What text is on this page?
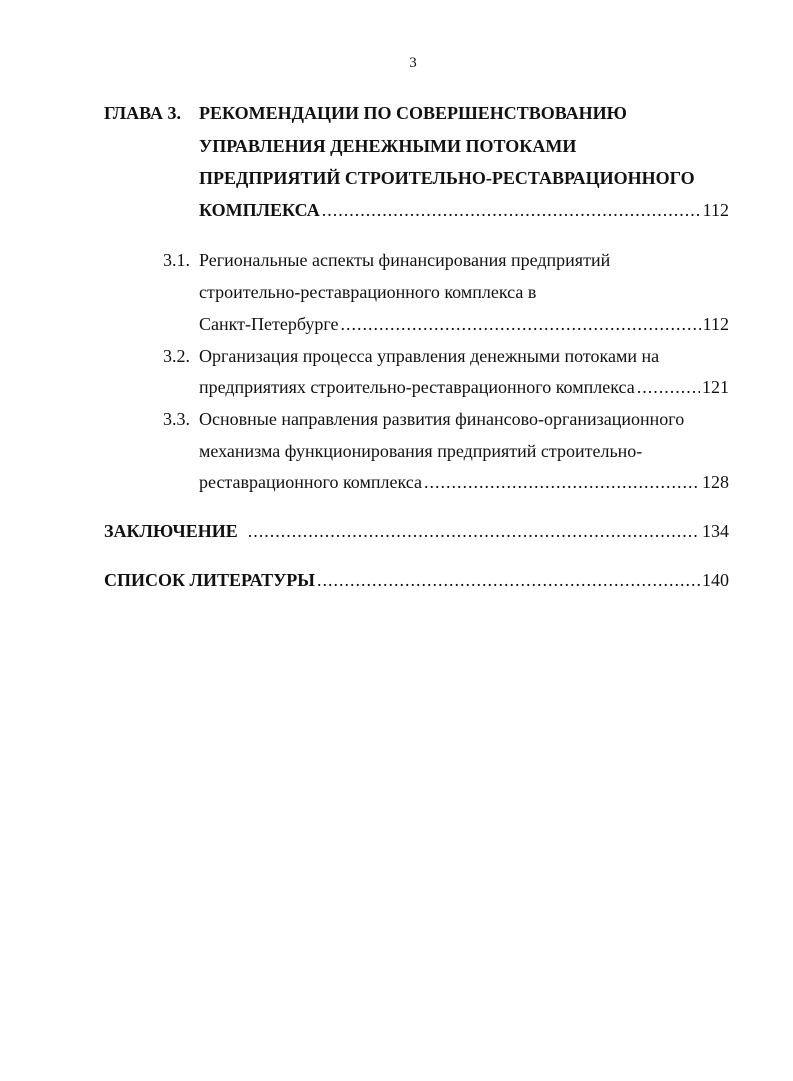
3
ГЛАВА 3. РЕКОМЕНДАЦИИ ПО СОВЕРШЕНСТВОВАНИЮ
УПРАВЛЕНИЯ ДЕНЕЖНЫМИ ПОТОКАМИ
ПРЕДПРИЯТИЙ СТРОИТЕЛЬНО-РЕСТАВРАЦИОННОГО
КОМПЛЕКСА .....	112
3.1. Региональные аспекты финансирования предприятий
строительно-реставрационного комплекса в
Санкт-Петербурге .....	112
3.2. Организация процесса управления денежными потоками на
предприятиях строительно-реставрационного комплекса .....	121
3.3. Основные направления развития финансово-организационного
механизма функционирования предприятий строительно-
реставрационного комплекса .....	128
ЗАКЛЮЧЕНИЕ .....	134
СПИСОК ЛИТЕРАТУРЫ .....	140
